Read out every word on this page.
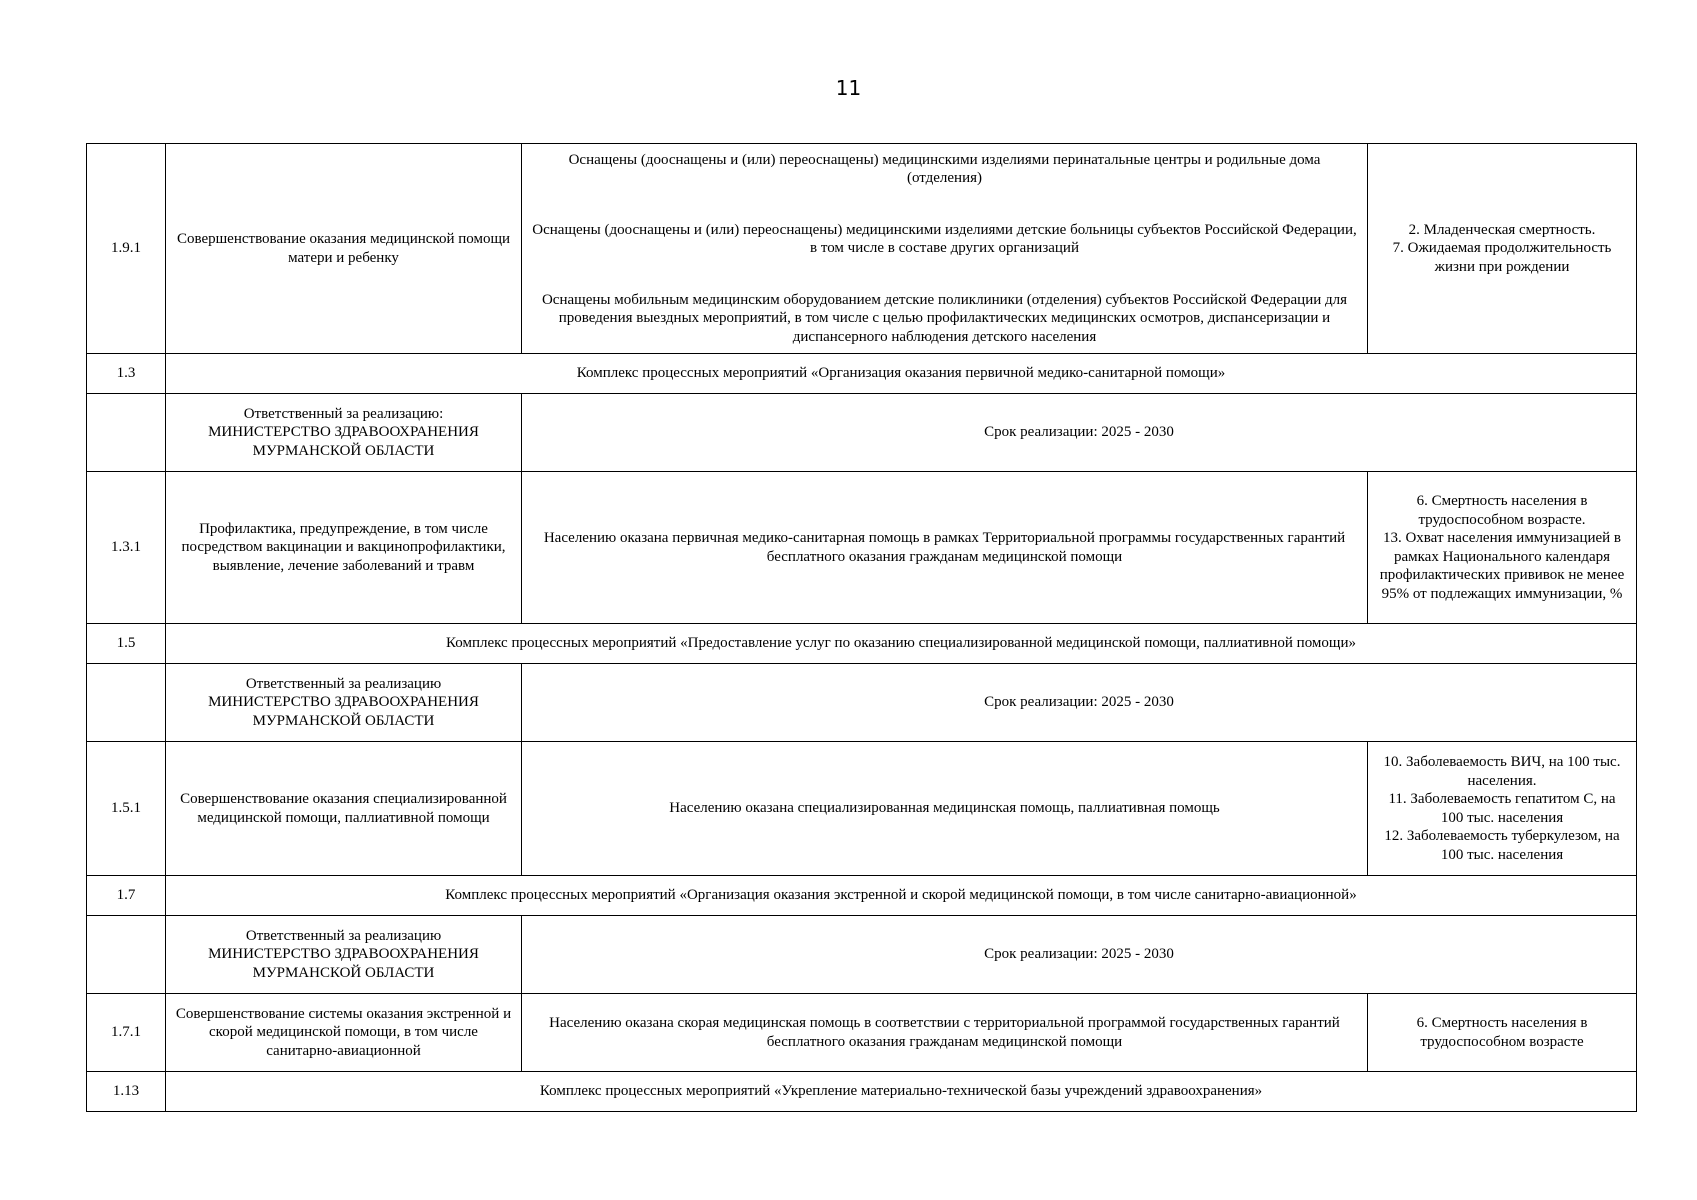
11
1.9.1	Совершенствование оказания медицинской помощи матери и ребенку	Оснащены (дооснащены и (или) переоснащены) медицинскими изделиями перинатальные центры и родильные дома (отделения)
Оснащены (дооснащены и (или) переоснащены) медицинскими изделиями детские больницы субъектов Российской Федерации, в том числе в составе других организаций
Оснащены мобильным медицинским оборудованием детские поликлиники (отделения) субъектов Российской Федерации для проведения выездных мероприятий, в том числе с целью профилактических медицинских осмотров, диспансеризации и диспансерного наблюдения детского населения	2. Младенческая смертность.
7. Ожидаемая продолжительность жизни при рождении

1.3	Комплекс процессных мероприятий «Организация оказания первичной медико-санитарной помощи»		
	Ответственный за реализацию:
МИНИСТЕРСТВО ЗДРАВООХРАНЕНИЯ
МУРМАНСКОЙ ОБЛАСТИ	Срок реализации: 2025 - 2030	
1.3.1	Профилактика, предупреждение, в том числе посредством вакцинации и вакцинопрофилактики, выявление, лечение заболеваний и травм	Населению оказана первичная медико-санитарная помощь в рамках Территориальной программы государственных гарантий бесплатного оказания гражданам медицинской помощи	6. Смертность населения в трудоспособном возрасте.
13. Охват населения иммунизацией в рамках Национального календаря профилактических прививок не менее 95% от подлежащих иммунизации, %

1.5	Комплекс процессных мероприятий «Предоставление услуг по оказанию специализированной медицинской помощи, паллиативной помощи»		
	Ответственный за реализацию
МИНИСТЕРСТВО ЗДРАВООХРАНЕНИЯ
МУРМАНСКОЙ ОБЛАСТИ	Срок реализации: 2025 - 2030	
1.5.1	Совершенствование оказания специализированной медицинской помощи, паллиативной помощи	Населению оказана специализированная медицинская помощь, паллиативная помощь	10. Заболеваемость ВИЧ, на 100 тыс. населения.
11. Заболеваемость гепатитом С, на 100 тыс. населения
12. Заболеваемость туберкулезом, на 100 тыс. населения

1.7	Комплекс процессных мероприятий «Организация оказания экстренной и скорой медицинской помощи, в том числе санитарно-авиационной»		
	Ответственный за реализацию
МИНИСТЕРСТВО ЗДРАВООХРАНЕНИЯ
МУРМАНСКОЙ ОБЛАСТИ	Срок реализации: 2025 - 2030	
1.7.1	Совершенствование системы оказания экстренной и скорой медицинской помощи, в том числе санитарно-авиационной	Населению оказана скорая медицинская помощь в соответствии с территориальной программой государственных гарантий бесплатного оказания гражданам медицинской помощи	6. Смертность населения в трудоспособном возрасте

1.13	Комплекс процессных мероприятий «Укрепление материально-технической базы учреждений здравоохранения»		
